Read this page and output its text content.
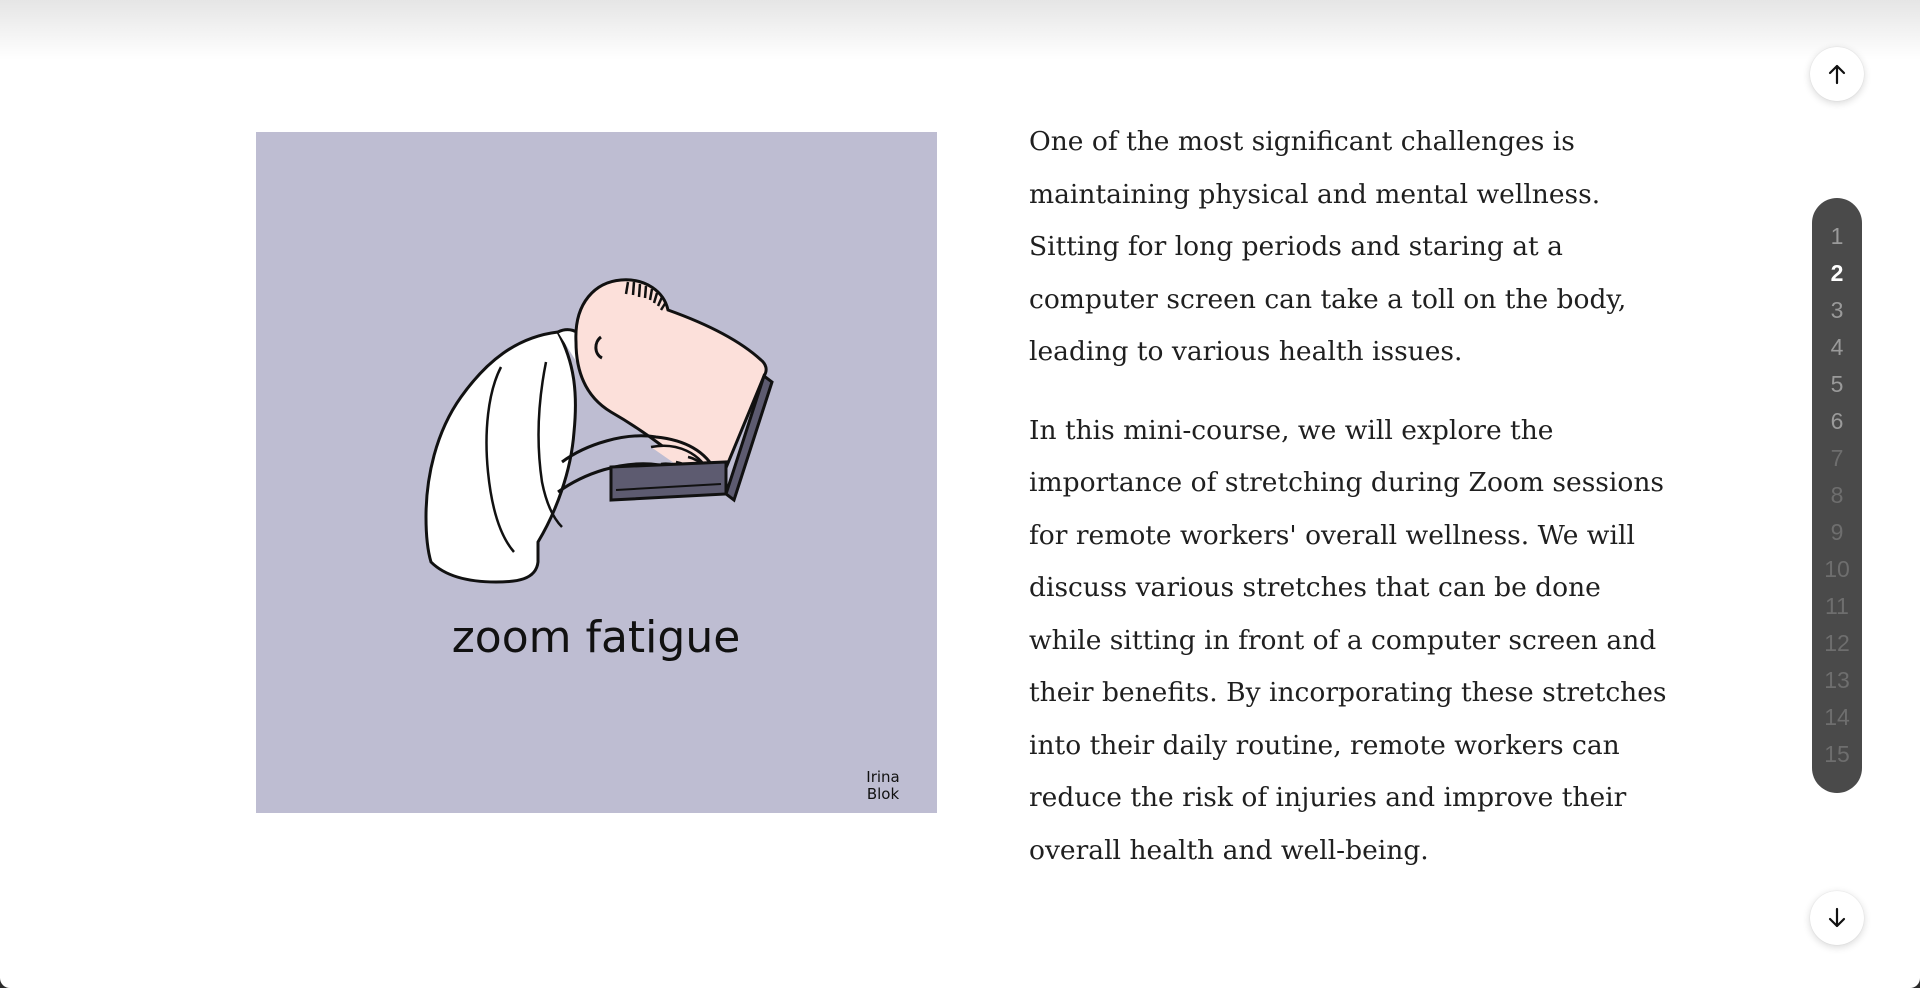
zoom fatigue
Irina
Blok

One of the most significant challenges is maintaining physical and mental wellness. Sitting for long periods and staring at a computer screen can take a toll on the body, leading to various health issues.

In this mini-course, we will explore the importance of stretching during Zoom sessions for remote workers' overall wellness. We will discuss various stretches that can be done while sitting in front of a computer screen and their benefits. By incorporating these stretches into their daily routine, remote workers can reduce the risk of injuries and improve their overall health and well-being.

1
2
3
4
5
6
7
8
9
10
11
12
13
14
15
